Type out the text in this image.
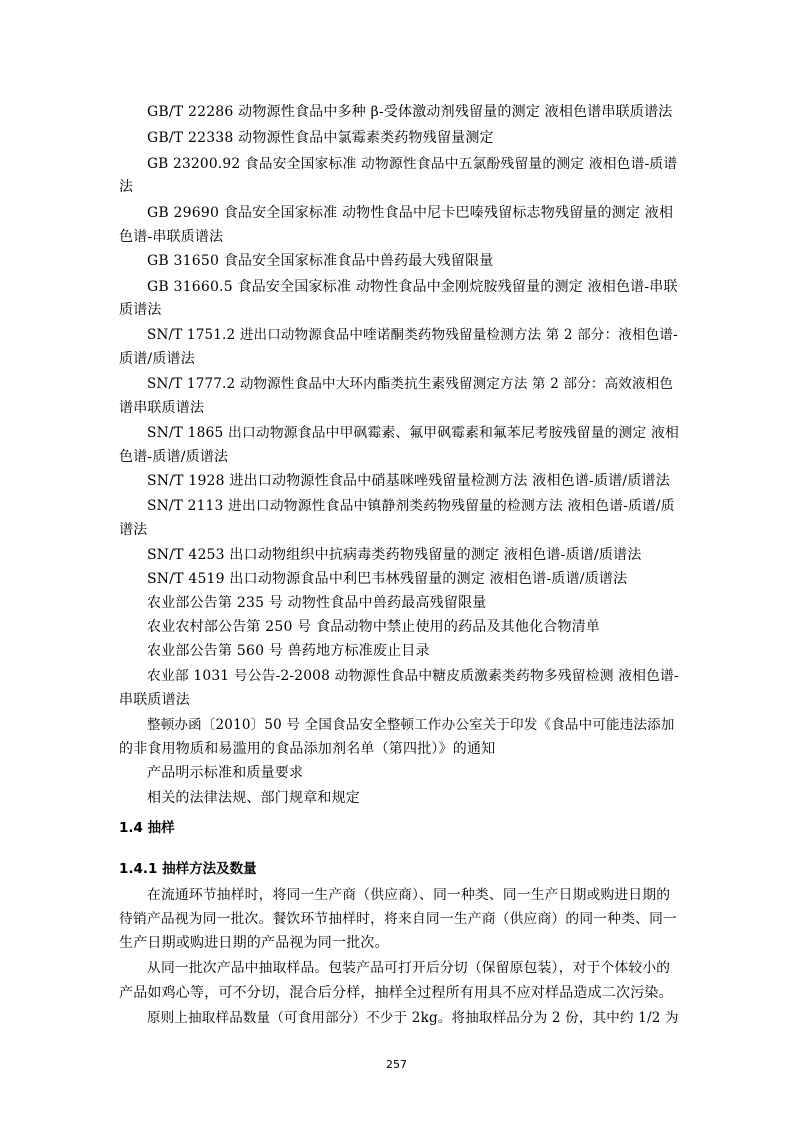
GB/T 22286 动物源性食品中多种 β-受体激动剂残留量的测定 液相色谱串联质谱法
GB/T 22338 动物源性食品中氯霉素类药物残留量测定
GB 23200.92 食品安全国家标准 动物源性食品中五氯酚残留量的测定 液相色谱-质谱
法
GB 29690 食品安全国家标准 动物性食品中尼卡巴嗪残留标志物残留量的测定 液相
色谱-串联质谱法
GB 31650 食品安全国家标准食品中兽药最大残留限量
GB 31660.5 食品安全国家标准 动物性食品中金刚烷胺残留量的测定 液相色谱-串联
质谱法
SN/T 1751.2 进出口动物源食品中喹诺酮类药物残留量检测方法 第 2 部分：液相色谱-
质谱/质谱法
SN/T 1777.2 动物源性食品中大环内酯类抗生素残留测定方法 第 2 部分：高效液相色
谱串联质谱法
SN/T 1865 出口动物源食品中甲砜霉素、氟甲砜霉素和氟苯尼考胺残留量的测定 液相
色谱-质谱/质谱法
SN/T 1928 进出口动物源性食品中硝基咪唑残留量检测方法 液相色谱-质谱/质谱法
SN/T 2113 进出口动物源性食品中镇静剂类药物残留量的检测方法 液相色谱-质谱/质
谱法
SN/T 4253 出口动物组织中抗病毒类药物残留量的测定 液相色谱-质谱/质谱法
SN/T 4519 出口动物源食品中利巴韦林残留量的测定 液相色谱-质谱/质谱法
农业部公告第 235 号 动物性食品中兽药最高残留限量
农业农村部公告第 250 号 食品动物中禁止使用的药品及其他化合物清单
农业部公告第 560 号 兽药地方标准废止目录
农业部 1031 号公告-2-2008 动物源性食品中糖皮质激素类药物多残留检测 液相色谱-
串联质谱法
整顿办函〔2010〕50 号 全国食品安全整顿工作办公室关于印发《食品中可能违法添加
的非食用物质和易滥用的食品添加剂名单（第四批）》的通知
产品明示标准和质量要求
相关的法律法规、部门规章和规定
1.4 抽样
1.4.1 抽样方法及数量
在流通环节抽样时，将同一生产商（供应商）、同一种类、同一生产日期或购进日期的
待销产品视为同一批次。餐饮环节抽样时，将来自同一生产商（供应商）的同一种类、同一
生产日期或购进日期的产品视为同一批次。
从同一批次产品中抽取样品。包装产品可打开后分切（保留原包装），对于个体较小的
产品如鸡心等，可不分切，混合后分样，抽样全过程所有用具不应对样品造成二次污染。
原则上抽取样品数量（可食用部分）不少于 2kg。将抽取样品分为 2 份，其中约 1/2 为
257
